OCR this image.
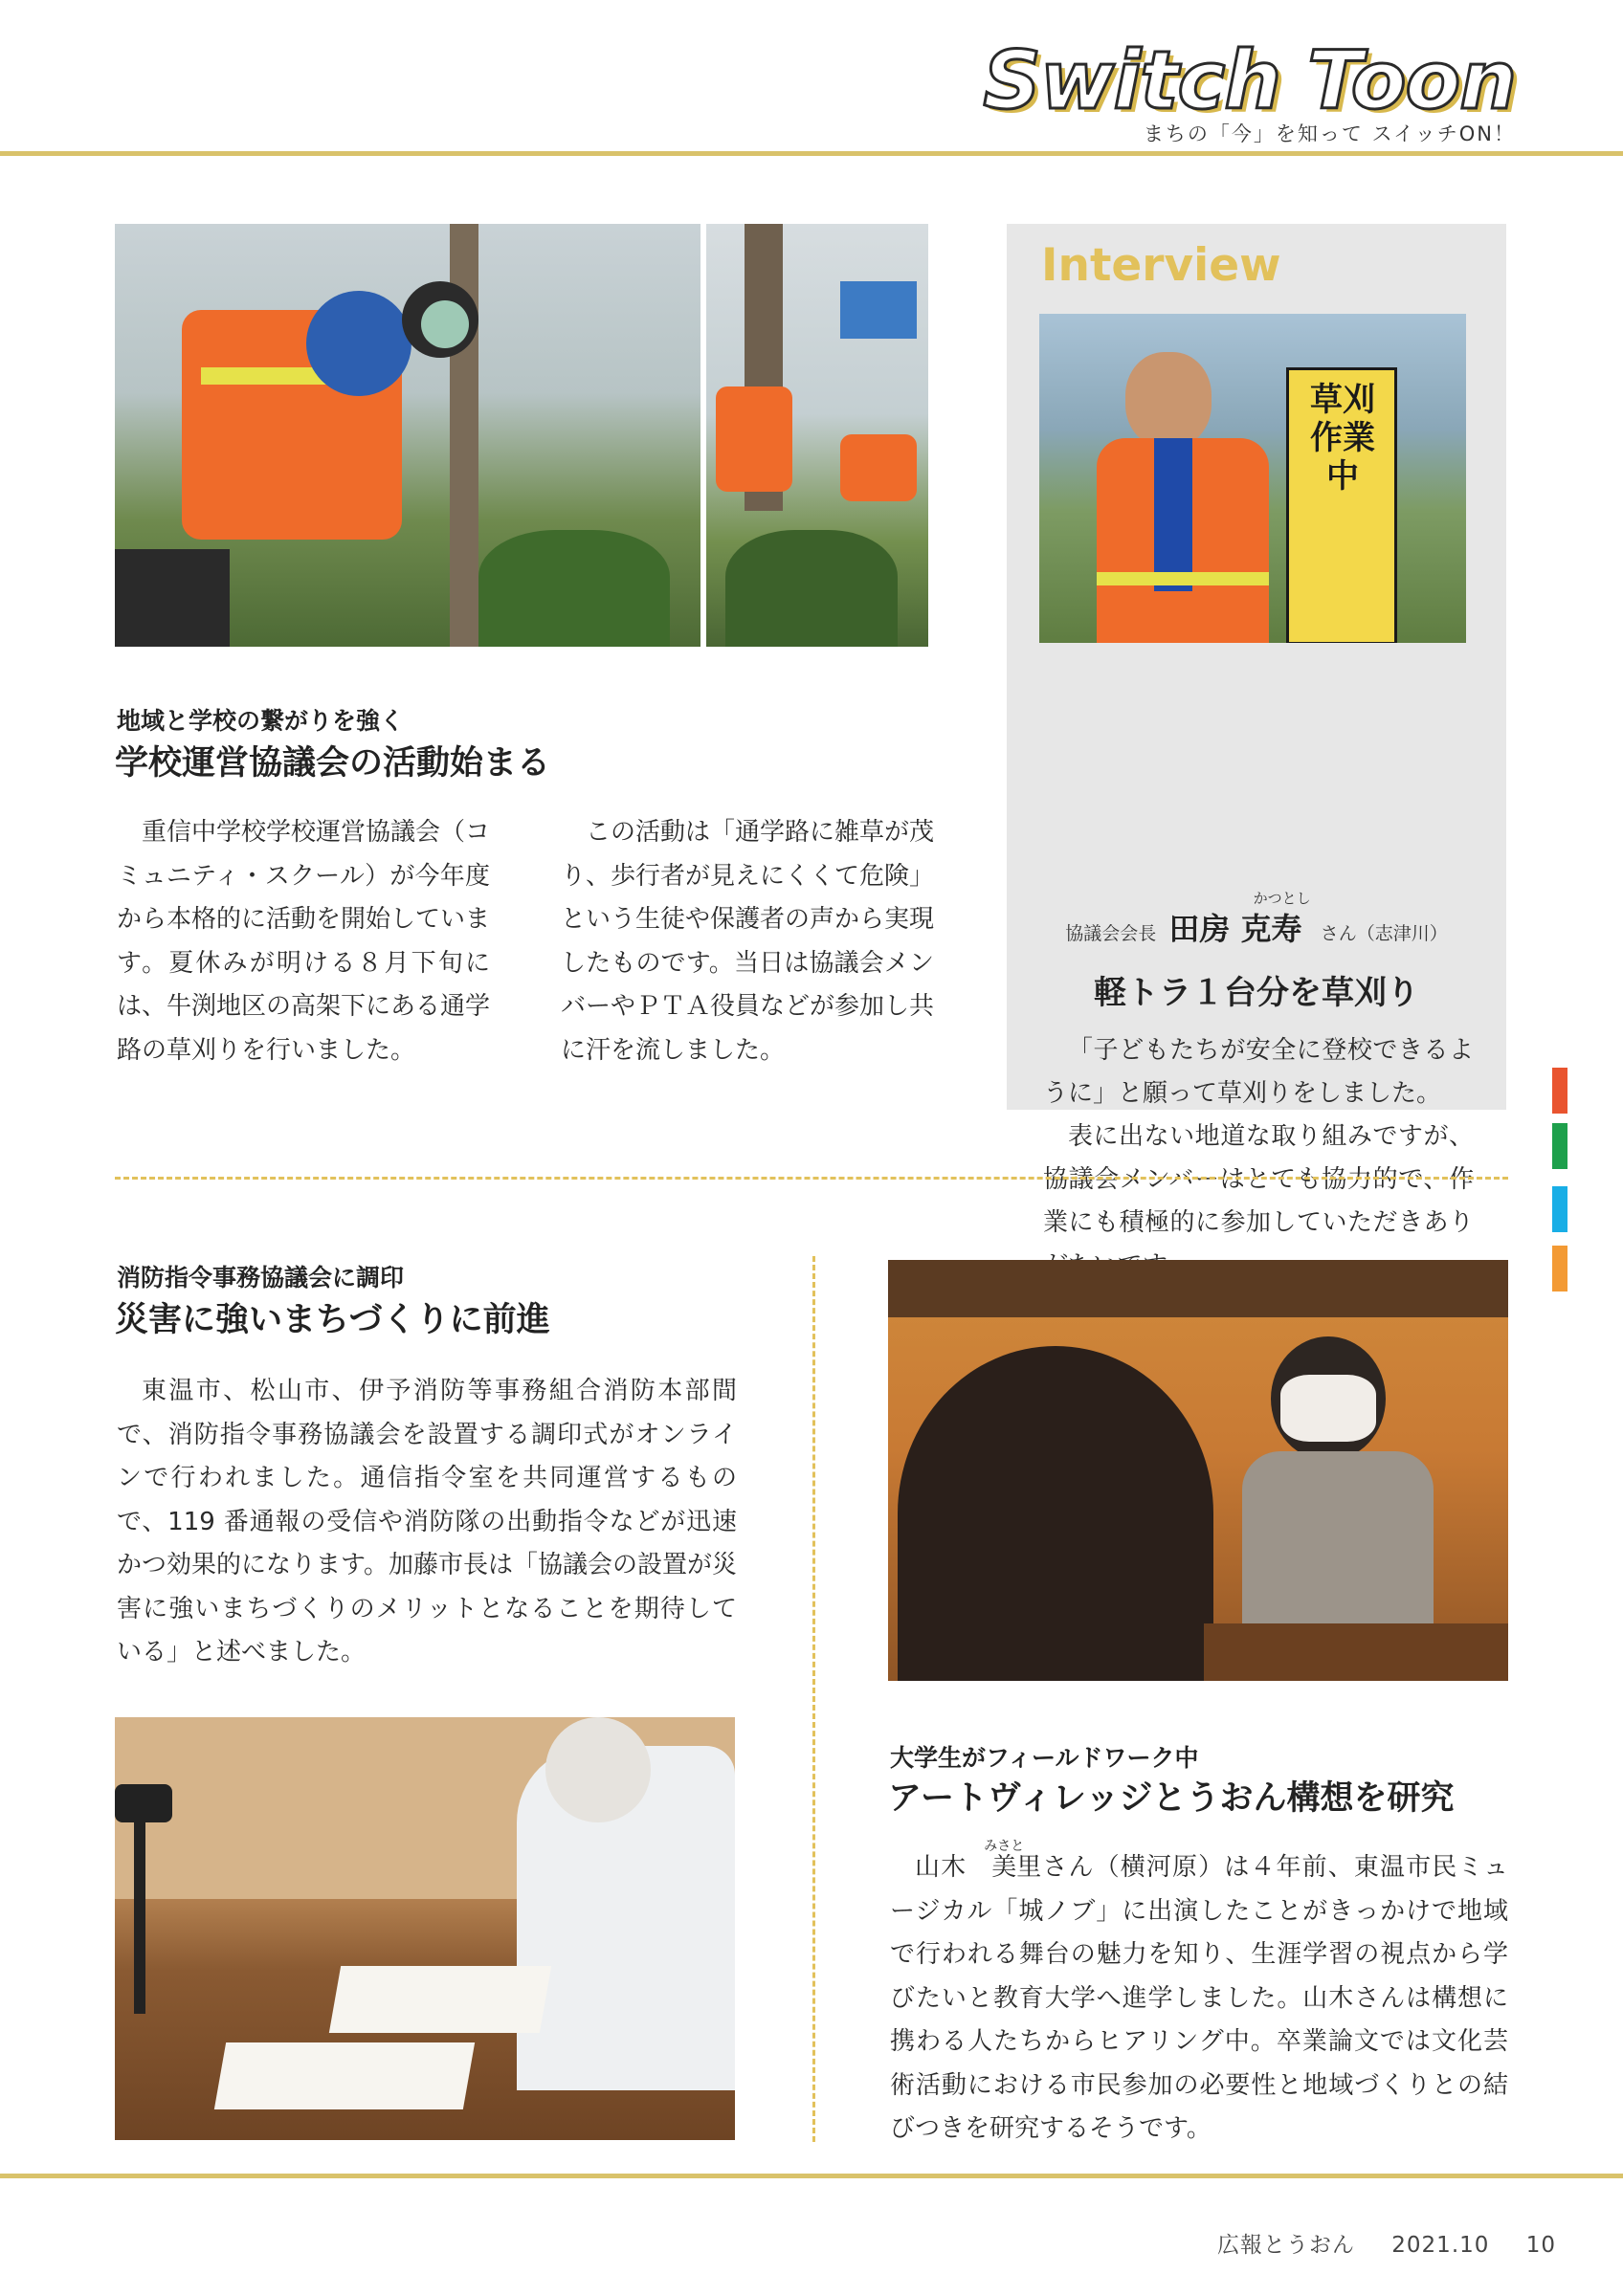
Switch Toon
まちの「今」を知って スイッチON！
地域と学校の繋がりを強く
学校運営協議会の活動始まる

重信中学校学校運営協議会（コミュニティ・スクール）が今年度から本格的に活動を開始しています。夏休みが明ける８月下旬には、牛渕地区の高架下にある通学路の草刈りを行いました。

この活動は「通学路に雑草が茂り、歩行者が見えにくくて危険」という生徒や保護者の声から実現したものです。当日は協議会メンバーやＰＴＡ役員などが参加し共に汗を流しました。

Interview
草刈 作業中
協議会会長 田房 克寿
かつとし
さん（志津川）
軽トラ１台分を草刈り

「子どもたちが安全に登校できるように」と願って草刈りをしました。

表に出ない地道な取り組みですが、協議会メンバーはとても協力的で、作業にも積極的に参加していただきあり

消防指令事務協議会に調印
災害に強いまちづくりに前進

東温市、松山市、伊予消防等事務組合消防本部間で、消防指令事務協議会を設置する調印式がオンラインで行われました。通信指令室を共同運営するもので、119 番通報の受信や消防隊の出動指令などが迅速かつ効果的になります。加藤市長は「協議会の設置が災害に強いまちづくりのメリットとなることを期待している」と述べました。

大学生がフィールドワーク中
アートヴィレッジとうおん構想を研究

山木 美里
みさと
さん（横河原）は４年前、東温市民ミュージカル「城ノブ」に出演したことがきっかけで地域で行われる舞台の魅力を知り、生涯学習の視点から学びたいと教育大学へ進学しました。山木さんは構想に携わる人たちからヒアリング中。卒業論文では文化芸術活動における市民参加の必要性と地域づくりとの結びつきを研究するそうです。

広報とうおん 2021.10 10
